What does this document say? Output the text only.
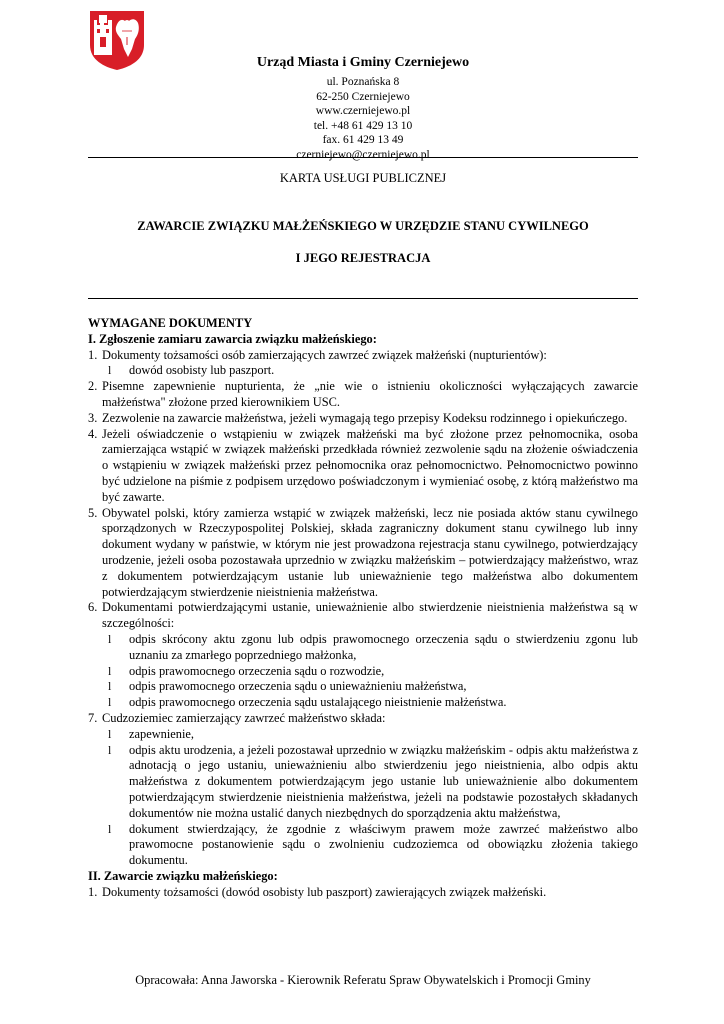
Urząd Miasta i Gminy Czerniejewo
ul. Poznańska 8
62-250 Czerniejewo
www.czerniejewo.pl
tel. +48 61 429 13 10
fax. 61 429 13 49
czerniejewo@czerniejewo.pl
KARTA USŁUGI PUBLICZNEJ
ZAWARCIE ZWIĄZKU MAŁŻEŃSKIEGO W URZĘDZIE STANU CYWILNEGO
I JEGO REJESTRACJA

WYMAGANE DOKUMENTY

I. Zgłoszenie zamiaru zawarcia związku małżeńskiego:

1. Dokumenty tożsamości osób zamierzających zawrzeć związek małżeński (nupturientów):
l	dowód osobisty lub paszport.
2. Pisemne zapewnienie nupturienta, że „nie wie o istnieniu okoliczności wyłączających zawarcie małżeństwa" złożone przed kierownikiem USC.
3. Zezwolenie na zawarcie małżeństwa, jeżeli wymagają tego przepisy Kodeksu rodzinnego i opiekuńczego.
4. Jeżeli oświadczenie o wstąpieniu w związek małżeński ma być złożone przez pełnomocnika, osoba zamierzająca wstąpić w związek małżeński przedkłada również zezwolenie sądu na złożenie oświadczenia o wstąpieniu w związek małżeński przez pełnomocnika oraz pełnomocnictwo. Pełnomocnictwo powinno być udzielone na piśmie z podpisem urzędowo poświadczonym i wymieniać osobę, z którą małżeństwo ma być zawarte.
5. Obywatel polski, który zamierza wstąpić w związek małżeński, lecz nie posiada aktów stanu cywilnego sporządzonych w Rzeczypospolitej Polskiej, składa zagraniczny dokument stanu cywilnego lub inny dokument wydany w państwie, w którym nie jest prowadzona rejestracja stanu cywilnego, potwierdzający urodzenie, jeżeli osoba pozostawała uprzednio w związku małżeńskim – potwierdzający małżeństwo, wraz z dokumentem potwierdzającym ustanie lub unieważnienie tego małżeństwa albo dokumentem potwierdzającym stwierdzenie nieistnienia małżeństwa.
6. Dokumentami potwierdzającymi ustanie, unieważnienie albo stwierdzenie nieistnienia małżeństwa są w szczególności:
l	odpis skrócony aktu zgonu lub odpis prawomocnego orzeczenia sądu o stwierdzeniu zgonu lub uznaniu za zmarłego poprzedniego małżonka,
l	odpis prawomocnego orzeczenia sądu o rozwodzie,
l	odpis prawomocnego orzeczenia sądu o unieważnieniu małżeństwa,
l	odpis prawomocnego orzeczenia sądu ustalającego nieistnienie małżeństwa.
7. Cudzoziemiec zamierzający zawrzeć małżeństwo składa:
l	zapewnienie,
l	odpis aktu urodzenia, a jeżeli pozostawał uprzednio w związku małżeńskim - odpis aktu małżeństwa z adnotacją o jego ustaniu, unieważnieniu albo stwierdzeniu jego nieistnienia, albo odpis aktu małżeństwa z dokumentem potwierdzającym jego ustanie lub unieważnienie albo dokumentem potwierdzającym stwierdzenie nieistnienia małżeństwa, jeżeli na podstawie pozostałych składanych dokumentów nie można ustalić danych niezbędnych do sporządzenia aktu małżeństwa,
l	dokument stwierdzający, że zgodnie z właściwym prawem może zawrzeć małżeństwo albo prawomocne postanowienie sądu o zwolnieniu cudzoziemca od obowiązku złożenia takiego dokumentu.

II. Zawarcie związku małżeńskiego:

1. Dokumenty tożsamości (dowód osobisty lub paszport) zawierających związek małżeński.
Opracowała: Anna Jaworska - Kierownik Referatu Spraw Obywatelskich i Promocji Gminy
